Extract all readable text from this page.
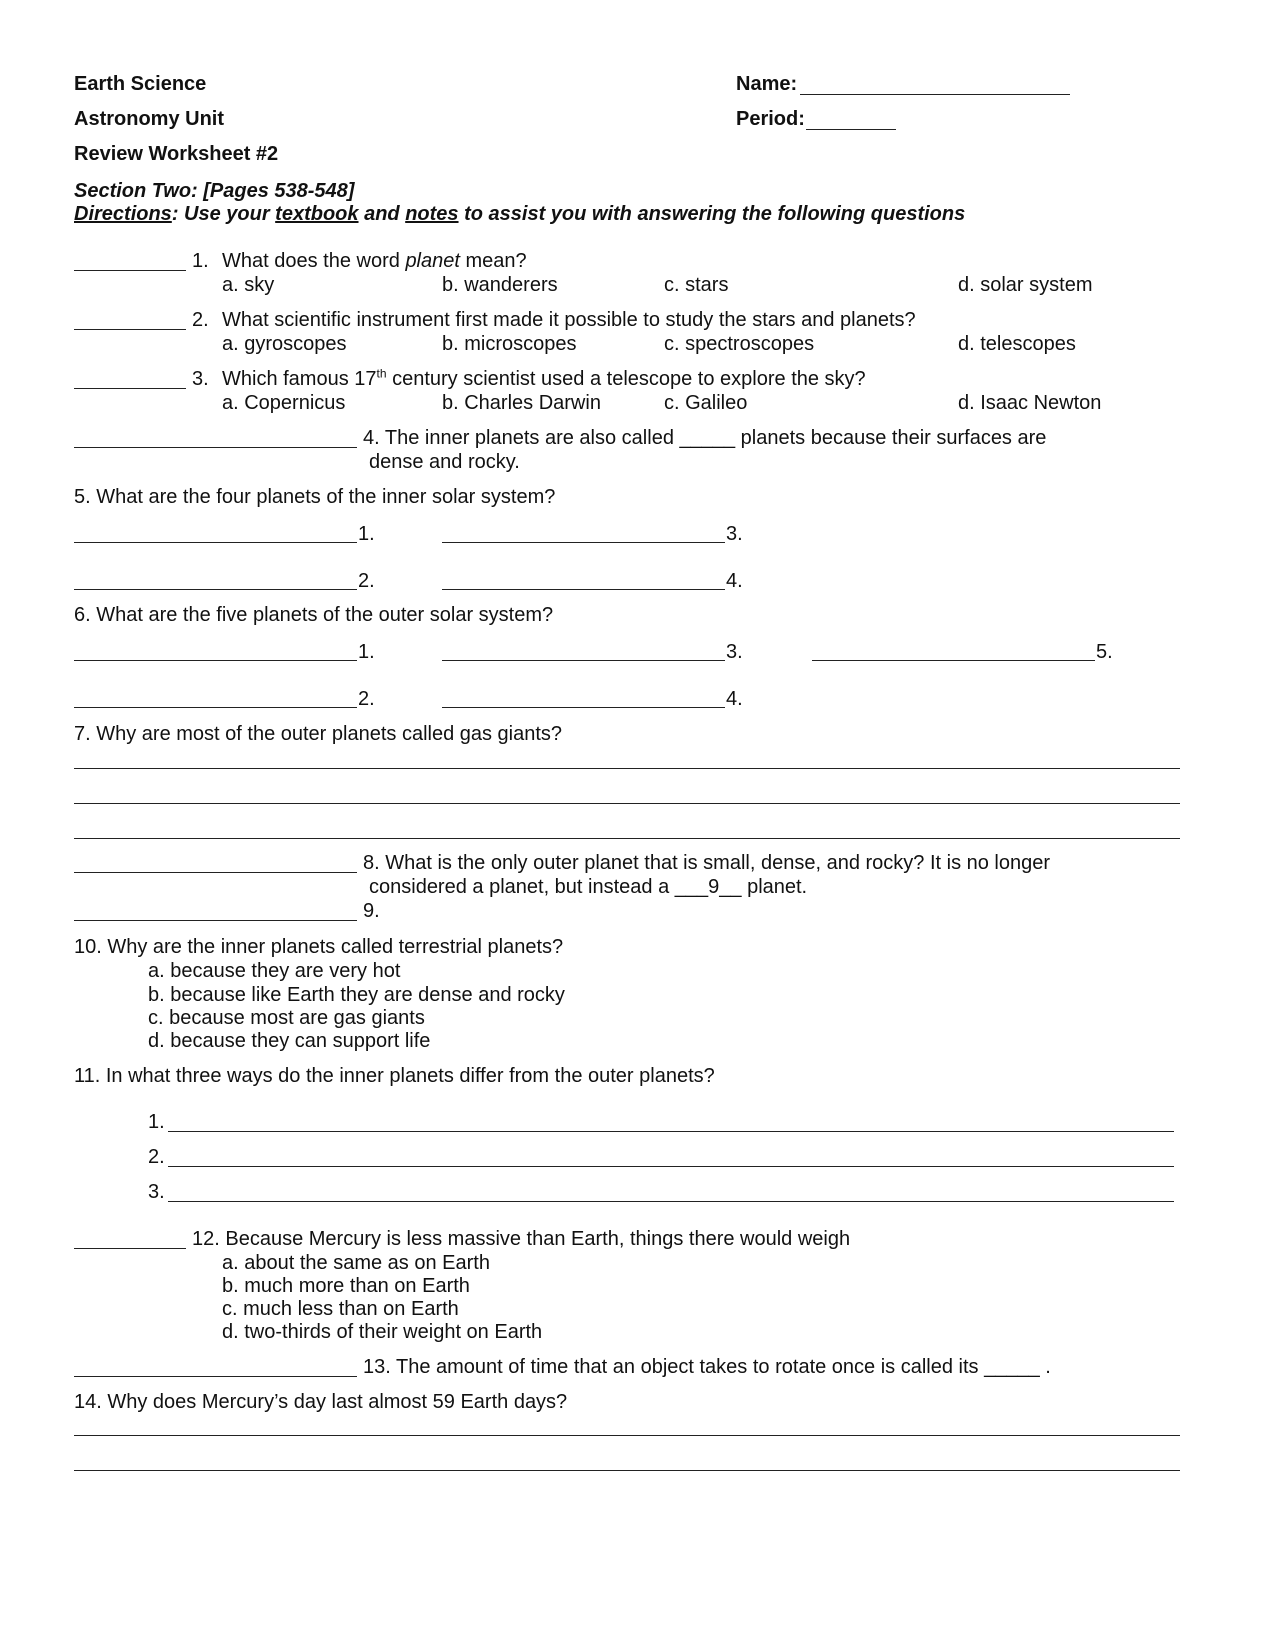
Earth Science
Astronomy Unit
Review Worksheet #2
Name:
Period:
Section Two: [Pages 538-548]
Directions: Use your textbook and notes to assist you with answering the following questions
1. What does the word planet mean?
a. sky	b. wanderers	c. stars	d. solar system
2. What scientific instrument first made it possible to study the stars and planets?
a. gyroscopes	b. microscopes	c. spectroscopes	d. telescopes
3. Which famous 17th century scientist used a telescope to explore the sky?
a. Copernicus	b. Charles Darwin	c. Galileo	d. Isaac Newton
4. The inner planets are also called _____ planets because their surfaces are
dense and rocky.
5. What are the four planets of the inner solar system?
1.	3.
2.	4.
6. What are the five planets of the outer solar system?
1.	3.	5.
2.	4.
7. Why are most of the outer planets called gas giants?
8. What is the only outer planet that is small, dense, and rocky? It is no longer
considered a planet, but instead a ___9__ planet.
9.
10. Why are the inner planets called terrestrial planets?
a. because they are very hot
b. because like Earth they are dense and rocky
c. because most are gas giants
d. because they can support life
11. In what three ways do the inner planets differ from the outer planets?
1.
2.
3.
12. Because Mercury is less massive than Earth, things there would weigh
a. about the same as on Earth
b. much more than on Earth
c. much less than on Earth
d. two-thirds of their weight on Earth
13. The amount of time that an object takes to rotate once is called its _____ .
14. Why does Mercury’s day last almost 59 Earth days?
